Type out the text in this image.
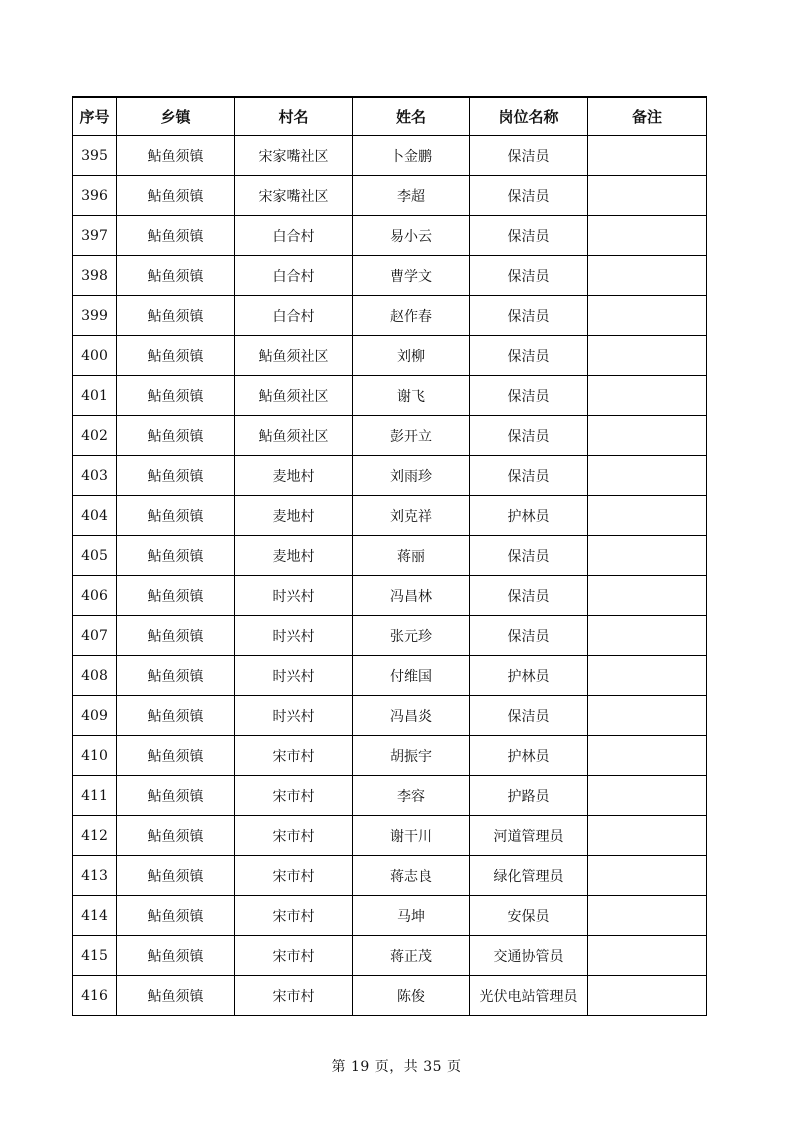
序号	乡镇	村名	姓名	岗位名称	备注
395	鲇鱼须镇	宋家嘴社区	卜金鹏	保洁员	
396	鲇鱼须镇	宋家嘴社区	李超	保洁员	
397	鲇鱼须镇	白合村	易小云	保洁员	
398	鲇鱼须镇	白合村	曹学文	保洁员	
399	鲇鱼须镇	白合村	赵作春	保洁员	
400	鲇鱼须镇	鲇鱼须社区	刘柳	保洁员	
401	鲇鱼须镇	鲇鱼须社区	谢飞	保洁员	
402	鲇鱼须镇	鲇鱼须社区	彭开立	保洁员	
403	鲇鱼须镇	麦地村	刘雨珍	保洁员	
404	鲇鱼须镇	麦地村	刘克祥	护林员	
405	鲇鱼须镇	麦地村	蒋丽	保洁员	
406	鲇鱼须镇	时兴村	冯昌林	保洁员	
407	鲇鱼须镇	时兴村	张元珍	保洁员	
408	鲇鱼须镇	时兴村	付维国	护林员	
409	鲇鱼须镇	时兴村	冯昌炎	保洁员	
410	鲇鱼须镇	宋市村	胡振宇	护林员	
411	鲇鱼须镇	宋市村	李容	护路员	
412	鲇鱼须镇	宋市村	谢干川	河道管理员	
413	鲇鱼须镇	宋市村	蒋志良	绿化管理员	
414	鲇鱼须镇	宋市村	马坤	安保员	
415	鲇鱼须镇	宋市村	蒋正茂	交通协管员	
416	鲇鱼须镇	宋市村	陈俊	光伏电站管理员	
第 19 页，共 35 页
